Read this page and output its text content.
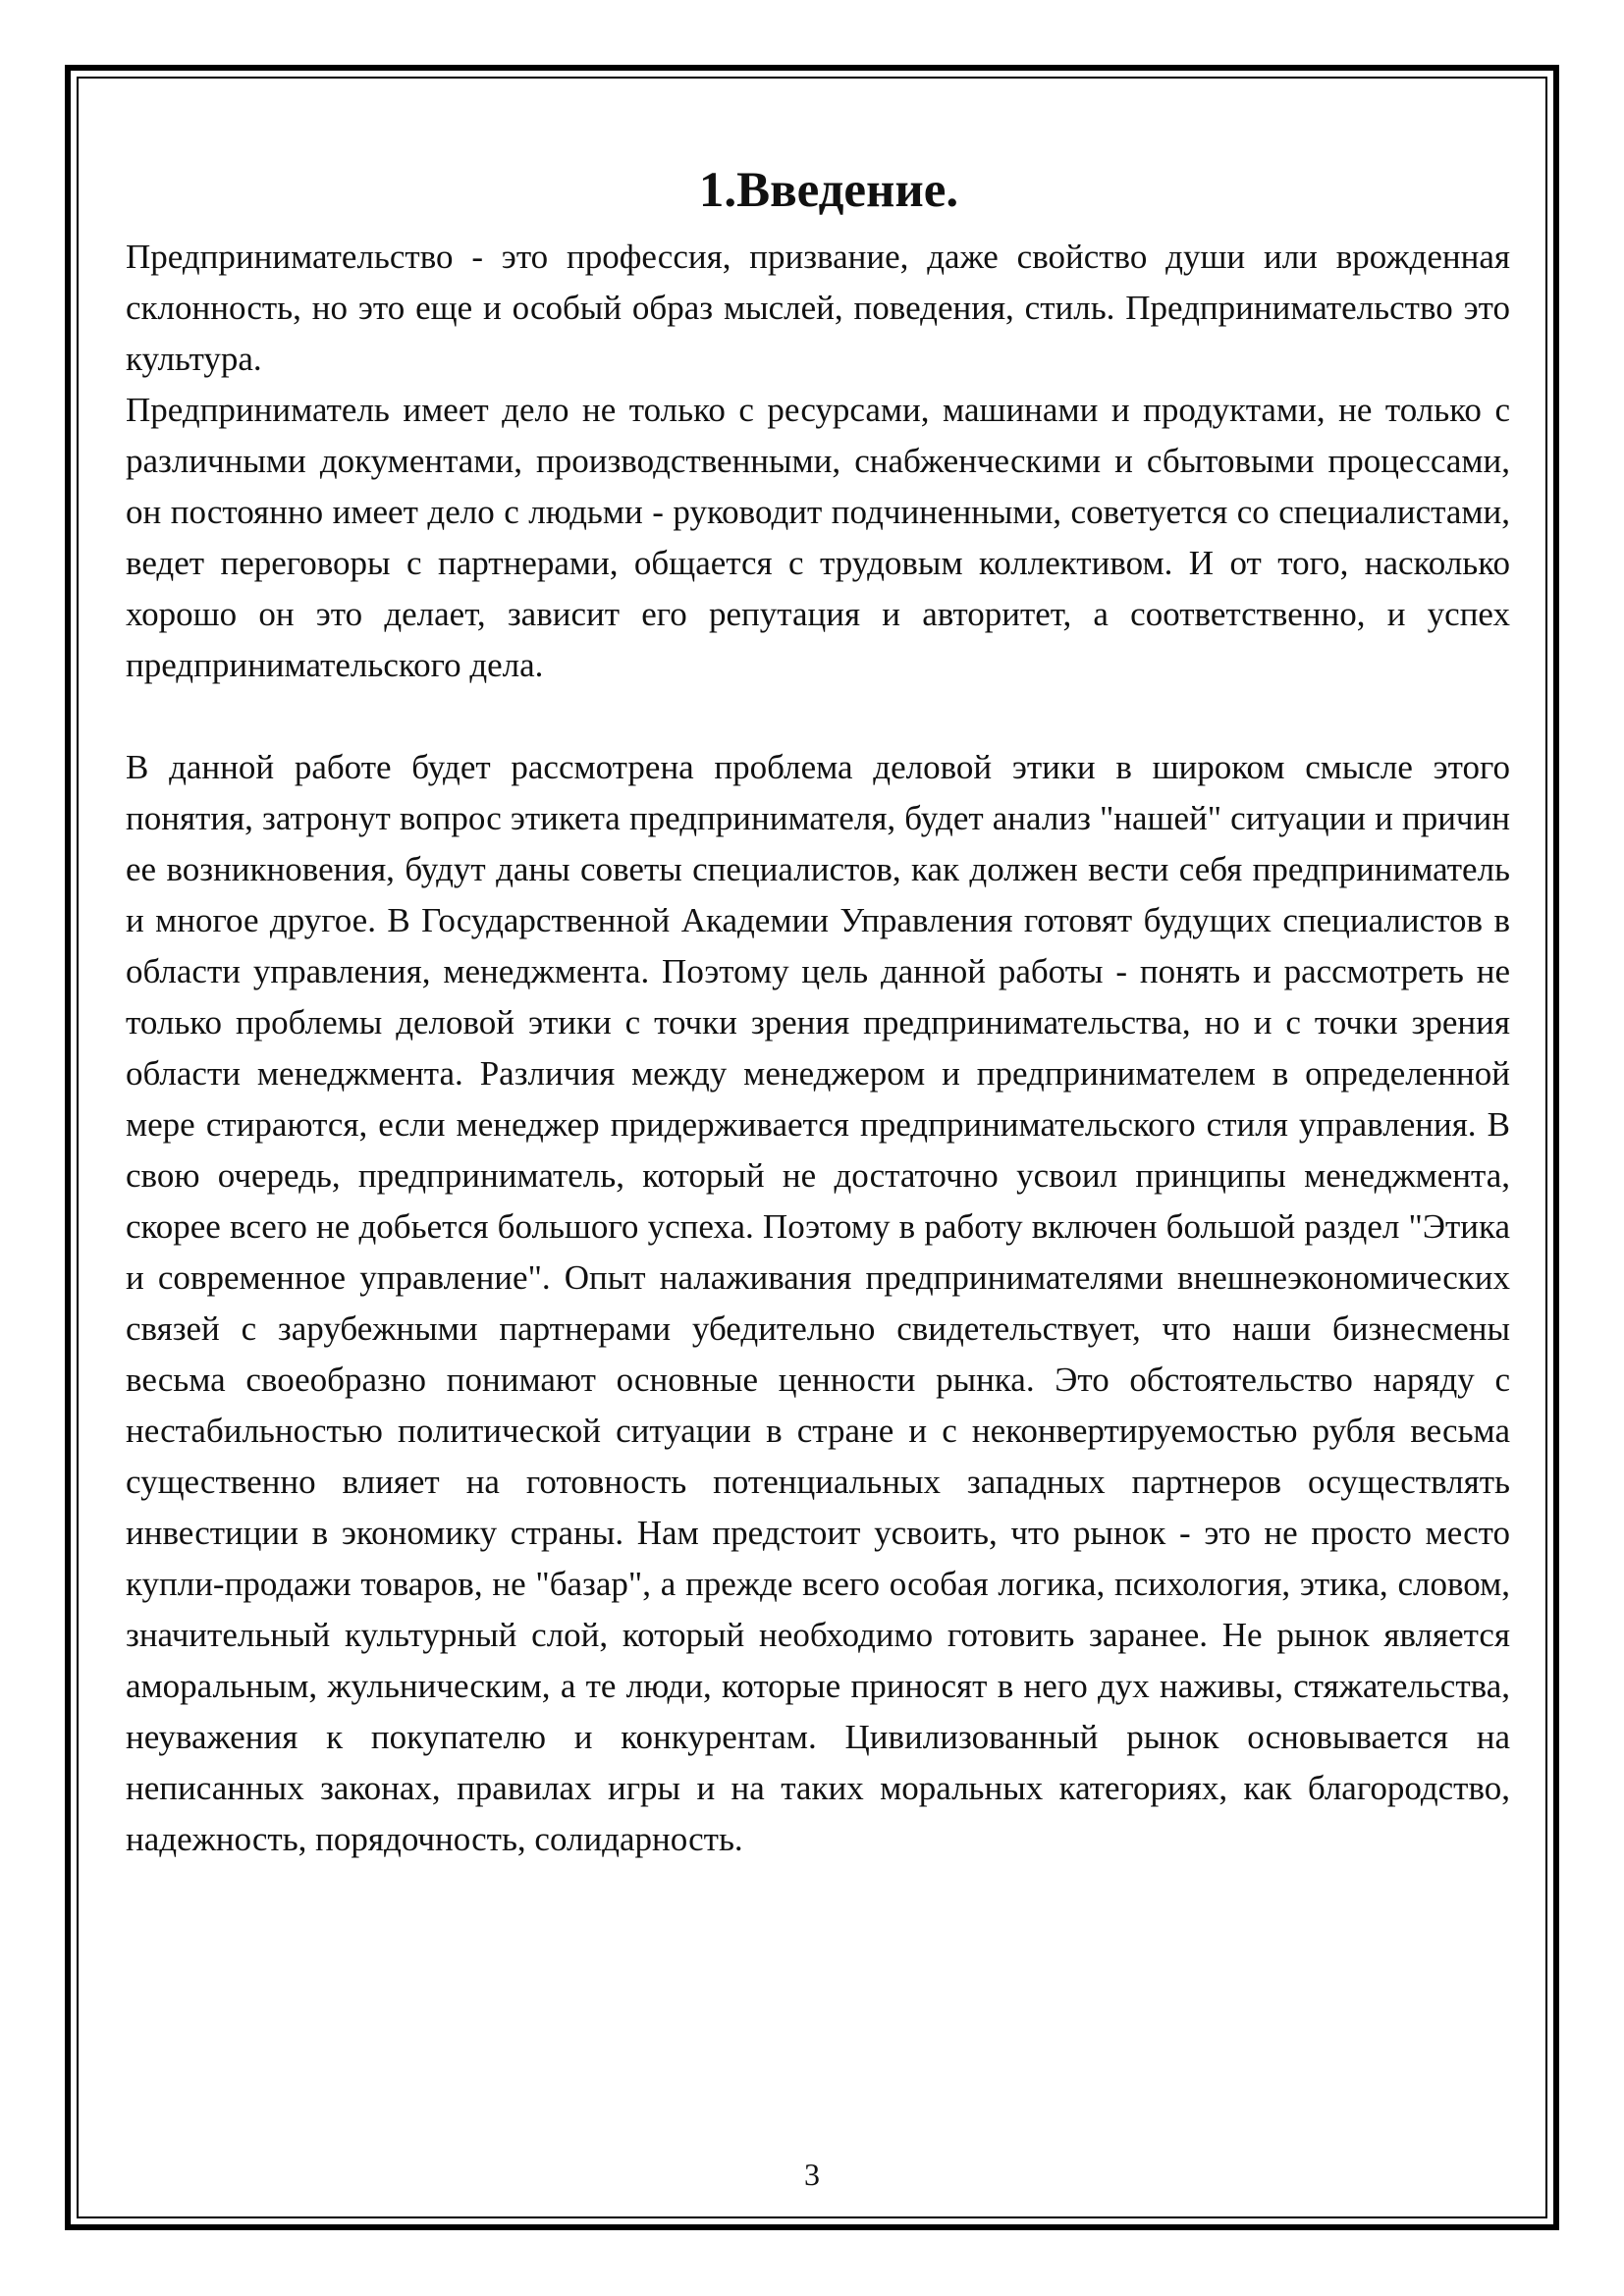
1.Введение.

Предпринимательство - это профессия, призвание, даже свойство души или врожденная склонность, но это еще и особый образ мыслей, поведения, стиль. Предпринимательство это культура.

Предприниматель имеет дело не только с ресурсами, машинами и продуктами, не только с различными документами, производственными, снабженческими и сбытовыми процессами, он постоянно имеет дело с людьми - руководит подчиненными, советуется со специалистами, ведет переговоры с партнерами, общается с трудовым коллективом. И от того, насколько хорошо он это делает, зависит его репутация и авторитет, а соответственно, и успех предпринимательского дела.

В данной работе будет рассмотрена проблема деловой этики в широком смысле этого понятия, затронут вопрос этикета предпринимателя, будет анализ "нашей" ситуации и причин ее возникновения, будут даны советы специалистов, как должен вести себя предприниматель и многое другое. В Государственной Академии Управления готовят будущих специалистов в области управления, менеджмента. Поэтому цель данной работы - понять и рассмотреть не только проблемы деловой этики с точки зрения предпринимательства, но и с точки зрения области менеджмента. Различия между менеджером и предпринимателем в определенной мере стираются, если менеджер придерживается предпринимательского стиля управления. В свою очередь, предприниматель, который не достаточно усвоил принципы менеджмента, скорее всего не добьется большого успеха. Поэтому в работу включен большой раздел "Этика и современное управление". Опыт налаживания предпринимателями внешнеэкономических связей с зарубежными партнерами убедительно свидетельствует, что наши бизнесмены весьма своеобразно понимают основные ценности рынка. Это обстоятельство наряду с нестабильностью политической ситуации в стране и с неконвертируемостью рубля весьма существенно влияет на готовность потенциальных западных партнеров осуществлять инвестиции в экономику страны. Нам предстоит усвоить, что рынок - это не просто место купли-продажи товаров, не "базар", а прежде всего особая логика, психология, этика, словом, значительный культурный слой, который необходимо готовить заранее. Не рынок является аморальным, жульническим, а те люди, которые приносят в него дух наживы, стяжательства, неуважения к покупателю и конкурентам. Цивилизованный рынок основывается на неписанных законах, правилах игры и на таких моральных категориях, как благородство, надежность, порядочность, солидарность.

3
